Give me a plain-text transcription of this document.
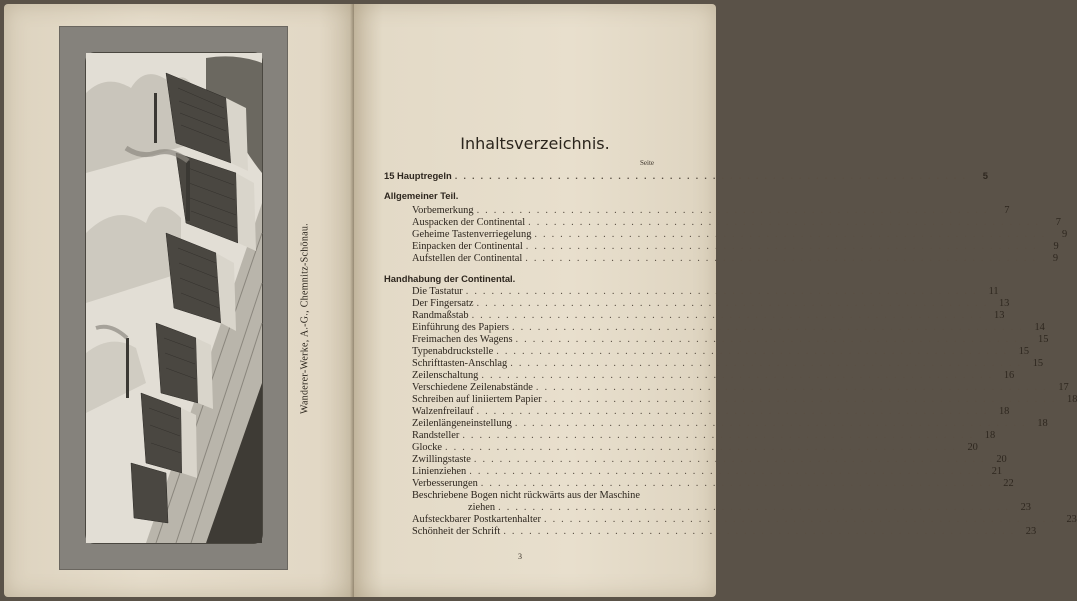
Wanderer-Werke, A.-G., Chemnitz-Schönau.
Inhaltsverzeichnis.
Seite
15 Hauptregeln ............................................................	5
Allgemeiner Teil.
Vorbemerkung ............................................................	7
Auspacken der Continental ............................................................	7
Geheime Tastenverriegelung ............................................................	9
Einpacken der Continental ............................................................	9
Aufstellen der Continental ............................................................	9
Handhabung der Continental.
Die Tastatur ............................................................ 11
Der Fingersatz ............................................................ 13
Randmaßstab ............................................................ 13
Einführung des Papiers ............................................................ 14
Freimachen des Wagens ............................................................ 15
Typenabdruckstelle ............................................................ 15
Schrifttasten-Anschlag ............................................................ 15
Zeilenschaltung ............................................................ 16
Verschiedene Zeilenabstände ............................................................ 17
Schreiben auf liniiertem Papier ............................................................ 18
Walzenfreilauf ............................................................ 18
Zeilenlängeneinstellung ............................................................ 18
Randsteller ............................................................ 18
Glocke ............................................................ 20
Zwillingstaste ............................................................ 20
Linienziehen ............................................................ 21
Verbesserungen ............................................................ 22
Beschriebene Bogen nicht rückwärts aus der Maschine
ziehen ............................................................ 23
Aufsteckbarer Postkartenhalter ............................................................ 23
Schönheit der Schrift ............................................................ 23
3
